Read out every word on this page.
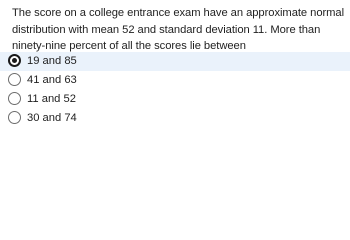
The score on a college entrance exam have an approximate normal distribution with mean 52 and standard deviation 11. More than ninety-nine percent of all the scores lie between
19 and 85
41 and 63
11 and 52
30 and 74
